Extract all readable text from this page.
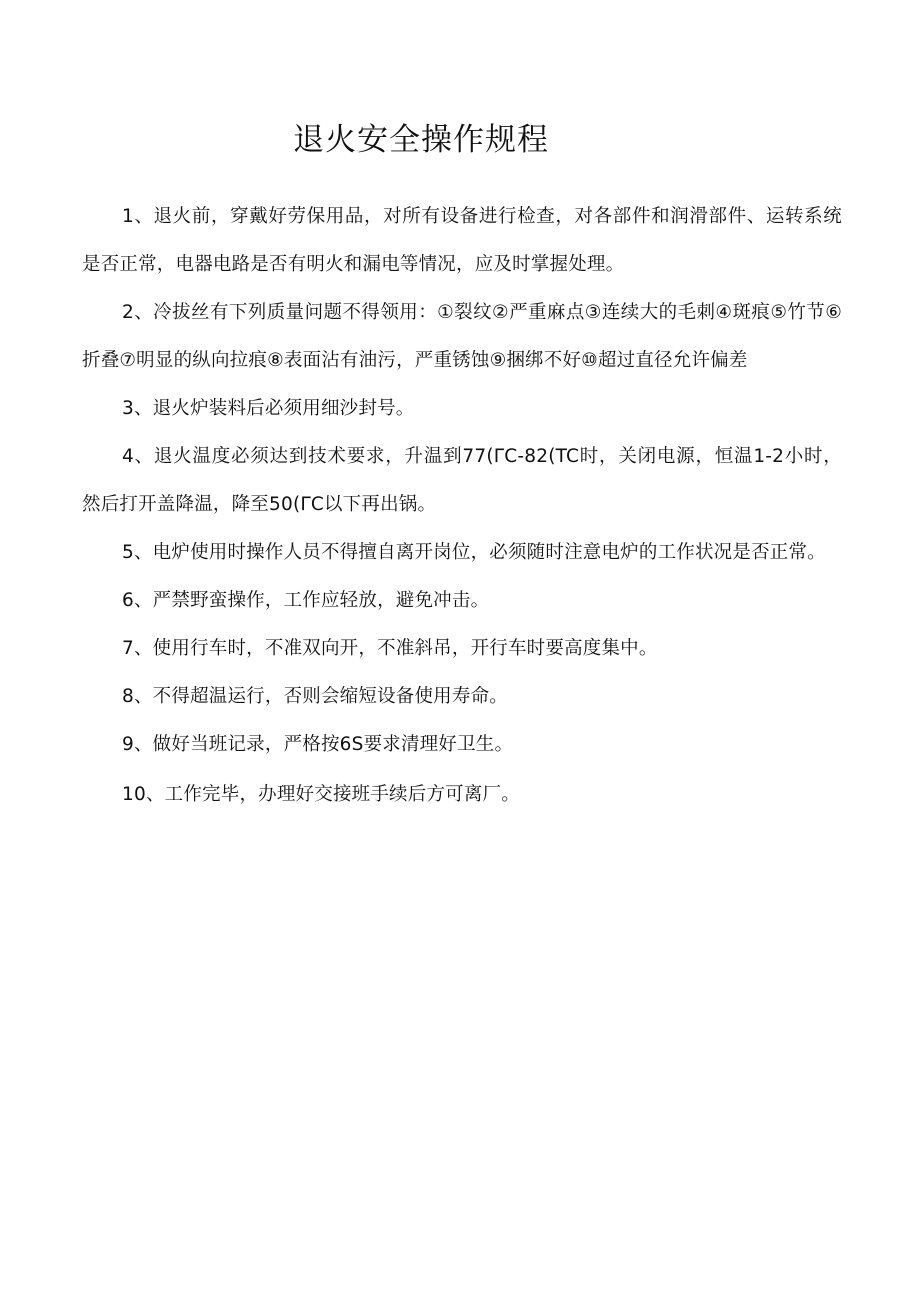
退火安全操作规程

1、退火前，穿戴好劳保用品，对所有设备进行检查，对各部件和润滑部件、运转系统是否正常，电器电路是否有明火和漏电等情况，应及时掌握处理。

2、冷拔丝有下列质量问题不得领用：①裂纹②严重麻点③连续大的毛刺④斑痕⑤竹节⑥折叠⑦明显的纵向拉痕⑧表面沾有油污，严重锈蚀⑨捆绑不好⑩超过直径允许偏差

3、退火炉装料后必须用细沙封号。

4、退火温度必须达到技术要求，升温到77(ΓC-82(TC时，关闭电源，恒温1-2小时，然后打开盖降温，降至50(ΓC以下再出锅。

5、电炉使用时操作人员不得擅自离开岗位，必须随时注意电炉的工作状况是否正常。

6、严禁野蛮操作，工作应轻放，避免冲击。

7、使用行车时，不准双向开，不准斜吊，开行车时要高度集中。

8、不得超温运行，否则会缩短设备使用寿命。

9、做好当班记录，严格按6S要求清理好卫生。

10、工作完毕，办理好交接班手续后方可离厂。
